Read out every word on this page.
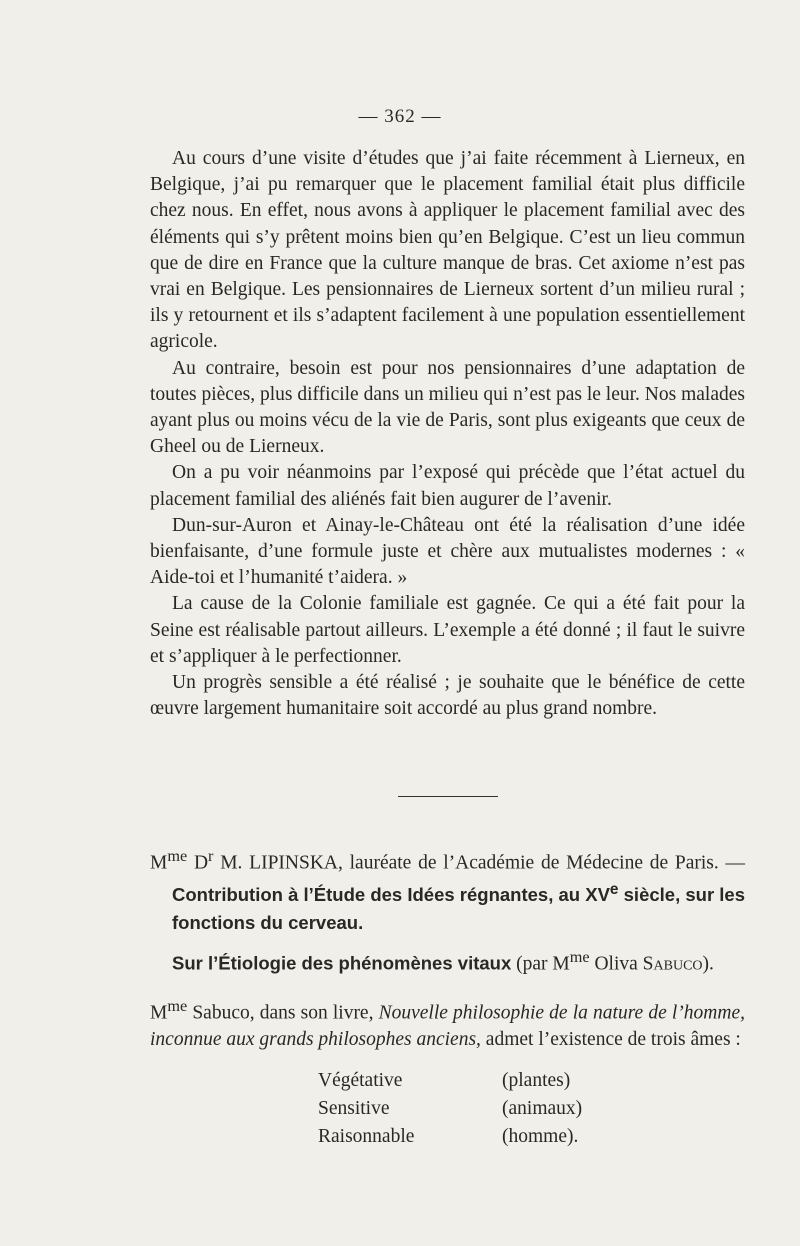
— 362 —

Au cours d’une visite d’études que j’ai faite récemment à Lierneux, en Belgique, j’ai pu remarquer que le placement familial était plus difficile chez nous. En effet, nous avons à appliquer le placement familial avec des éléments qui s’y prêtent moins bien qu’en Belgique. C’est un lieu commun que de dire en France que la culture manque de bras. Cet axiome n’est pas vrai en Belgique. Les pensionnaires de Lierneux sortent d’un milieu rural ; ils y retournent et ils s’adaptent facilement à une population essentiellement agricole.

Au contraire, besoin est pour nos pensionnaires d’une adaptation de toutes pièces, plus difficile dans un milieu qui n’est pas le leur. Nos malades ayant plus ou moins vécu de la vie de Paris, sont plus exigeants que ceux de Gheel ou de Lierneux.

On a pu voir néanmoins par l’exposé qui précède que l’état actuel du placement familial des aliénés fait bien augurer de l’avenir.

Dun-sur-Auron et Ainay-le-Château ont été la réalisation d’une idée bienfaisante, d’une formule juste et chère aux mutualistes modernes : « Aide-toi et l’humanité t’aidera. »

La cause de la Colonie familiale est gagnée. Ce qui a été fait pour la Seine est réalisable partout ailleurs. L’exemple a été donné ; il faut le suivre et s’appliquer à le perfectionner.

Un progrès sensible a été réalisé ; je souhaite que le bénéfice de cette œuvre largement humanitaire soit accordé au plus grand nombre.

$M^{me}$ $D^r$ M. LIPINSKA, lauréate de l’Académie de Médecine de Paris. — Contribution à l’Étude des Idées régnantes, au XVe siècle, sur les fonctions du cerveau.

Sur l’Étiologie des phénomènes vitaux (par $M^{me}$ Oliva Sabuco).

$M^{me}$ Sabuco, dans son livre, Nouvelle philosophie de la nature de l’homme, inconnue aux grands philosophes anciens, admet l’existence de trois âmes :

Végétative	(plantes)
Sensitive	(animaux)
Raisonnable	(homme).
